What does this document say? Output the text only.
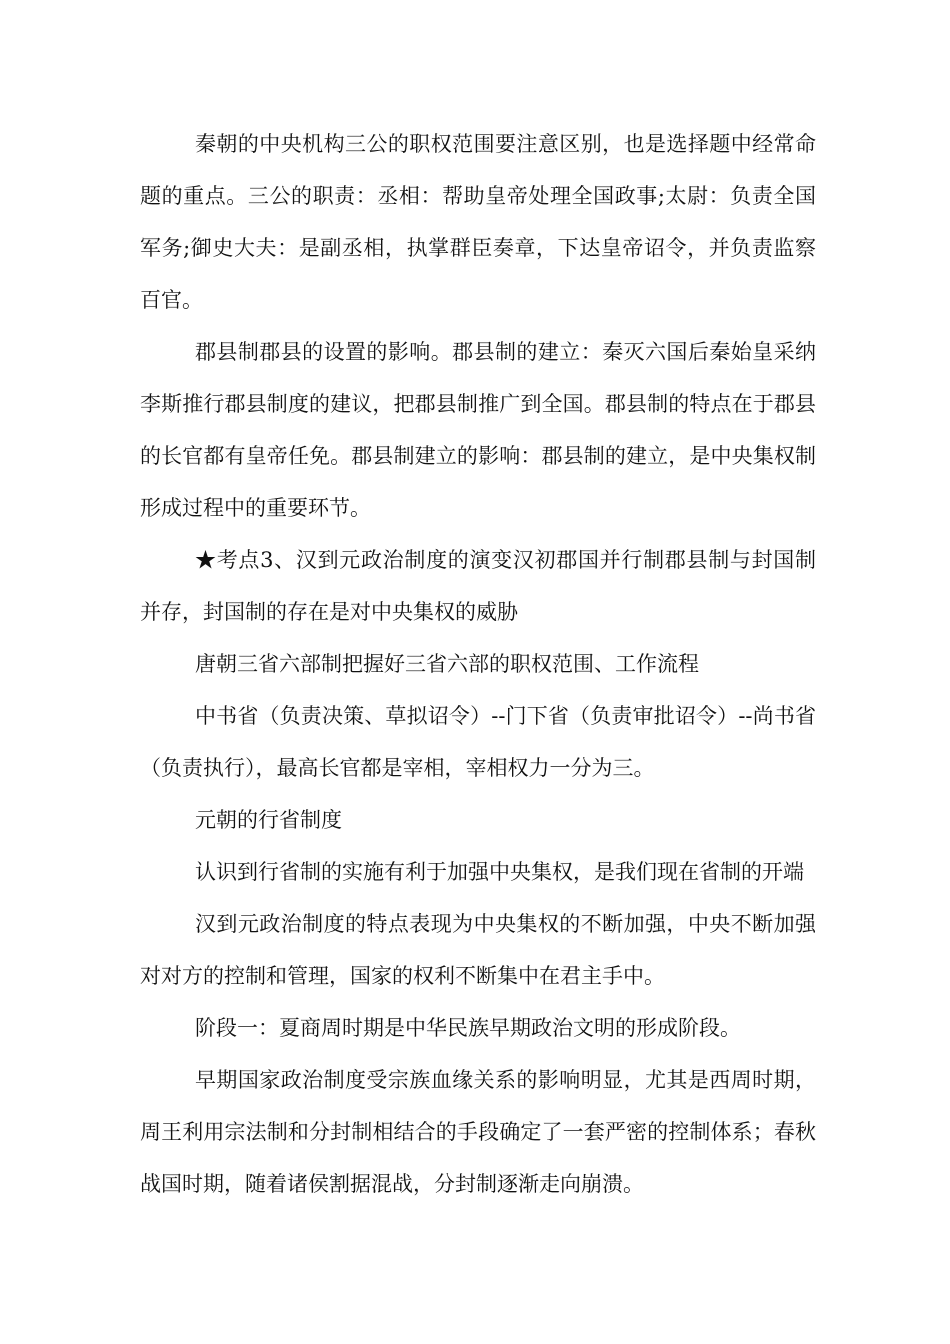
秦朝的中央机构三公的职权范围要注意区别，也是选择题中经常命题的重点。三公的职责：丞相：帮助皇帝处理全国政事;太尉：负责全国军务;御史大夫：是副丞相，执掌群臣奏章，下达皇帝诏令，并负责监察百官。

郡县制郡县的设置的影响。郡县制的建立：秦灭六国后秦始皇采纳李斯推行郡县制度的建议，把郡县制推广到全国。郡县制的特点在于郡县的长官都有皇帝任免。郡县制建立的影响：郡县制的建立，是中央集权制形成过程中的重要环节。

★考点3、汉到元政治制度的演变汉初郡国并行制郡县制与封国制并存，封国制的存在是对中央集权的威胁

唐朝三省六部制把握好三省六部的职权范围、工作流程

中书省（负责决策、草拟诏令）--门下省（负责审批诏令）--尚书省（负责执行），最高长官都是宰相，宰相权力一分为三。

元朝的行省制度

认识到行省制的实施有利于加强中央集权，是我们现在省制的开端

汉到元政治制度的特点表现为中央集权的不断加强，中央不断加强对对方的控制和管理，国家的权利不断集中在君主手中。

阶段一：夏商周时期是中华民族早期政治文明的形成阶段。

早期国家政治制度受宗族血缘关系的影响明显，尤其是西周时期，周王利用宗法制和分封制相结合的手段确定了一套严密的控制体系；春秋战国时期，随着诸侯割据混战，分封制逐渐走向崩溃。
